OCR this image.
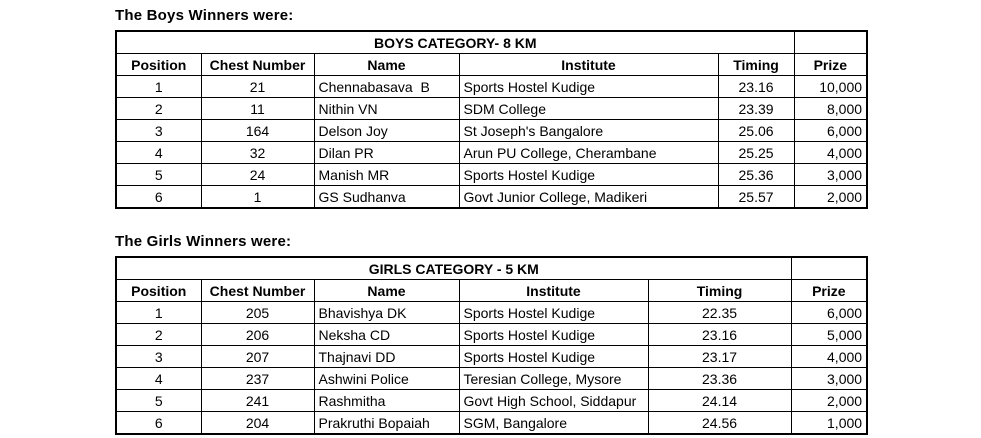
The Boys Winners were:
BOYS CATEGORY- 8 KM					
Position	Chest Number	Name	Institute	Timing	Prize
1	21	Chennabasava  B	Sports Hostel Kudige	23.16	10,000
2	11	Nithin VN	SDM College	23.39	8,000
3	164	Delson Joy	St Joseph's Bangalore	25.06	6,000
4	32	Dilan PR	Arun PU College, Cherambane	25.25	4,000
5	24	Manish MR	Sports Hostel Kudige	25.36	3,000
6	1	GS Sudhanva	Govt Junior College, Madikeri	25.57	2,000
The Girls Winners were:
GIRLS CATEGORY - 5 KM					
Position	Chest Number	Name	Institute	Timing	Prize
1	205	Bhavishya DK	Sports Hostel Kudige	22.35	6,000
2	206	Neksha CD	Sports Hostel Kudige	23.16	5,000
3	207	Thajnavi DD	Sports Hostel Kudige	23.17	4,000
4	237	Ashwini Police	Teresian College, Mysore	23.36	3,000
5	241	Rashmitha	Govt High School, Siddapur	24.14	2,000
6	204	Prakruthi Bopaiah	SGM, Bangalore	24.56	1,000
